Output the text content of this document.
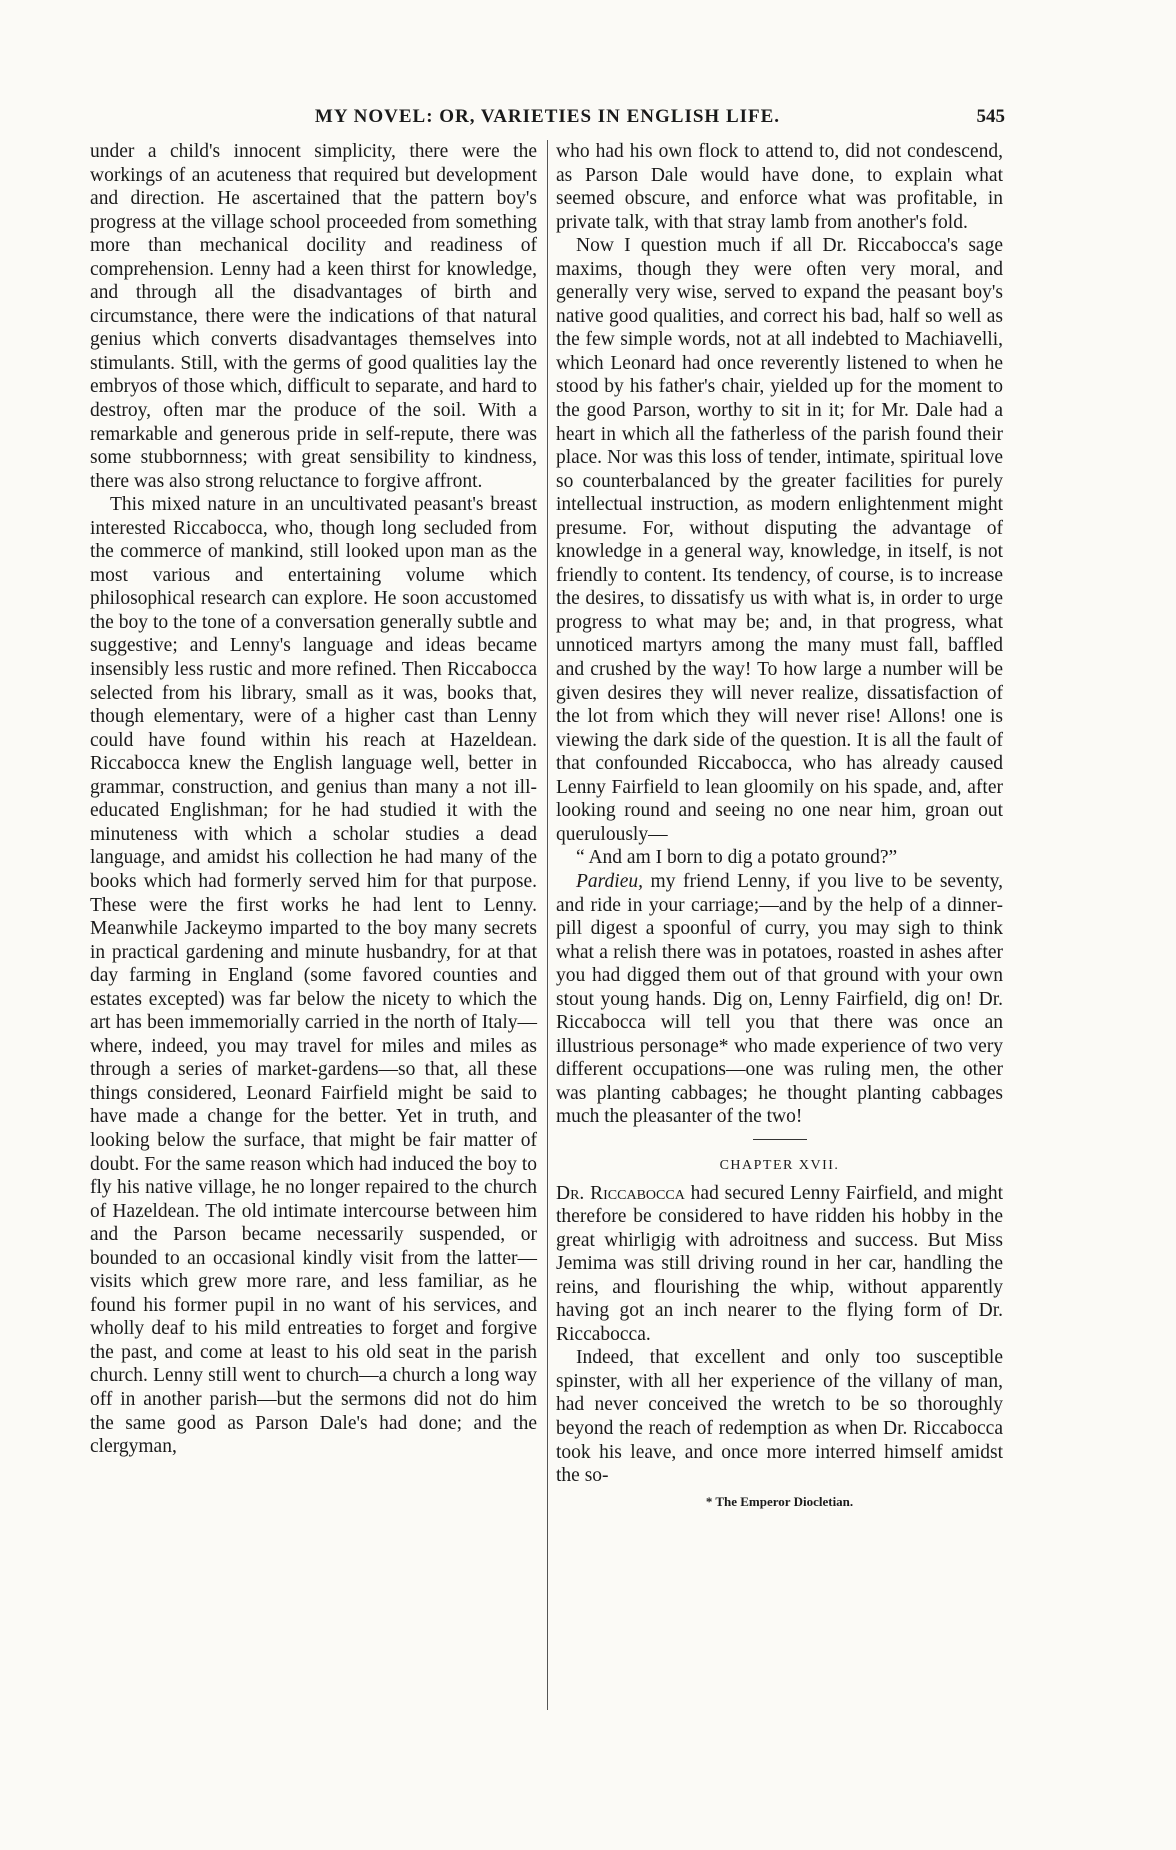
MY NOVEL: OR, VARIETIES IN ENGLISH LIFE.	545

under a child's innocent simplicity, there were the workings of an acuteness that required but development and direction. He ascertained that the pattern boy's progress at the village school proceeded from something more than mechanical docility and readiness of comprehension. Lenny had a keen thirst for knowledge, and through all the disadvantages of birth and circumstance, there were the indications of that natural genius which converts disadvantages themselves into stimulants. Still, with the germs of good qualities lay the embryos of those which, difficult to separate, and hard to destroy, often mar the produce of the soil. With a remarkable and generous pride in self-repute, there was some stubbornness; with great sensibility to kindness, there was also strong reluctance to forgive affront.

This mixed nature in an uncultivated peasant's breast interested Riccabocca, who, though long secluded from the commerce of mankind, still looked upon man as the most various and entertaining volume which philosophical research can explore. He soon accustomed the boy to the tone of a conversation generally subtle and suggestive; and Lenny's language and ideas became insensibly less rustic and more refined. Then Riccabocca selected from his library, small as it was, books that, though elementary, were of a higher cast than Lenny could have found within his reach at Hazeldean. Riccabocca knew the English language well, better in grammar, construction, and genius than many a not ill-educated Englishman; for he had studied it with the minuteness with which a scholar studies a dead language, and amidst his collection he had many of the books which had formerly served him for that purpose. These were the first works he had lent to Lenny. Meanwhile Jackeymo imparted to the boy many secrets in practical gardening and minute husbandry, for at that day farming in England (some favored counties and estates excepted) was far below the nicety to which the art has been immemorially carried in the north of Italy—where, indeed, you may travel for miles and miles as through a series of market-gardens—so that, all these things considered, Leonard Fairfield might be said to have made a change for the better. Yet in truth, and looking below the surface, that might be fair matter of doubt. For the same reason which had induced the boy to fly his native village, he no longer repaired to the church of Hazeldean. The old intimate intercourse between him and the Parson became necessarily suspended, or bounded to an occasional kindly visit from the latter—visits which grew more rare, and less familiar, as he found his former pupil in no want of his services, and wholly deaf to his mild entreaties to forget and forgive the past, and come at least to his old seat in the parish church. Lenny still went to church—a church a long way off in another parish—but the sermons did not do him the same good as Parson Dale's had done; and the clergyman,

who had his own flock to attend to, did not condescend, as Parson Dale would have done, to explain what seemed obscure, and enforce what was profitable, in private talk, with that stray lamb from another's fold.

Now I question much if all Dr. Riccabocca's sage maxims, though they were often very moral, and generally very wise, served to expand the peasant boy's native good qualities, and correct his bad, half so well as the few simple words, not at all indebted to Machiavelli, which Leonard had once reverently listened to when he stood by his father's chair, yielded up for the moment to the good Parson, worthy to sit in it; for Mr. Dale had a heart in which all the fatherless of the parish found their place. Nor was this loss of tender, intimate, spiritual love so counterbalanced by the greater facilities for purely intellectual instruction, as modern enlightenment might presume. For, without disputing the advantage of knowledge in a general way, knowledge, in itself, is not friendly to content. Its tendency, of course, is to increase the desires, to dissatisfy us with what is, in order to urge progress to what may be; and, in that progress, what unnoticed martyrs among the many must fall, baffled and crushed by the way! To how large a number will be given desires they will never realize, dissatisfaction of the lot from which they will never rise! Allons! one is viewing the dark side of the question. It is all the fault of that confounded Riccabocca, who has already caused Lenny Fairfield to lean gloomily on his spade, and, after looking round and seeing no one near him, groan out querulously—

“ And am I born to dig a potato ground?”

Pardieu, my friend Lenny, if you live to be seventy, and ride in your carriage;—and by the help of a dinner-pill digest a spoonful of curry, you may sigh to think what a relish there was in potatoes, roasted in ashes after you had digged them out of that ground with your own stout young hands. Dig on, Lenny Fairfield, dig on! Dr. Riccabocca will tell you that there was once an illustrious personage* who made experience of two very different occupations—one was ruling men, the other was planting cabbages; he thought planting cabbages much the pleasanter of the two!

CHAPTER XVII.

Dr. Riccabocca had secured Lenny Fairfield, and might therefore be considered to have ridden his hobby in the great whirligig with adroitness and success. But Miss Jemima was still driving round in her car, handling the reins, and flourishing the whip, without apparently having got an inch nearer to the flying form of Dr. Riccabocca.

Indeed, that excellent and only too susceptible spinster, with all her experience of the villany of man, had never conceived the wretch to be so thoroughly beyond the reach of redemption as when Dr. Riccabocca took his leave, and once more interred himself amidst the so-

* The Emperor Diocletian.
